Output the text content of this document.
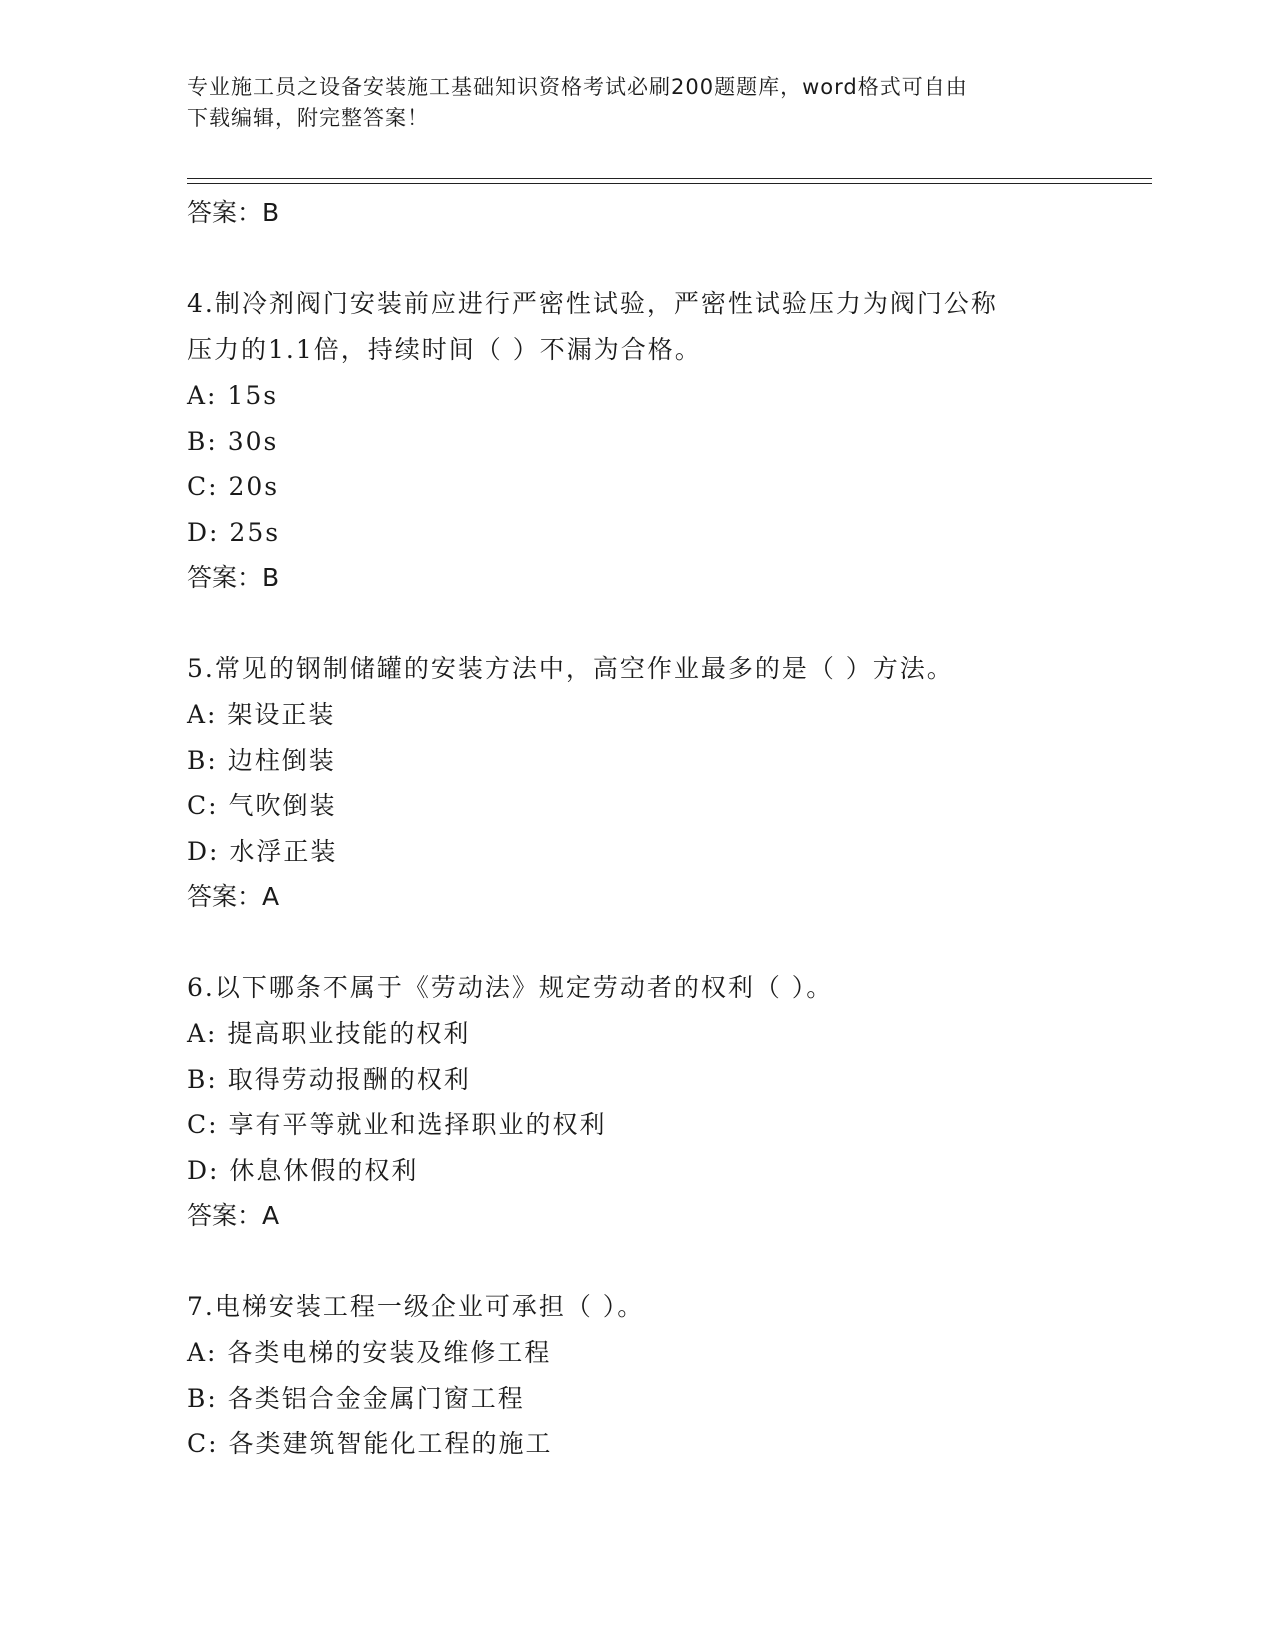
专业施工员之设备安装施工基础知识资格考试必刷200题题库，word格式可自由
下载编辑，附完整答案！
答案：B
4.制冷剂阀门安装前应进行严密性试验，严密性试验压力为阀门公称
压力的1.1倍，持续时间（ ）不漏为合格。
A: 15s
B: 30s
C: 20s
D: 25s
答案：B
5.常见的钢制储罐的安装方法中，高空作业最多的是（ ）方法。
A: 架设正装
B: 边柱倒装
C: 气吹倒装
D: 水浮正装
答案：A
6.以下哪条不属于《劳动法》规定劳动者的权利（ ）。
A: 提高职业技能的权利
B: 取得劳动报酬的权利
C: 享有平等就业和选择职业的权利
D: 休息休假的权利
答案：A
7.电梯安装工程一级企业可承担（ ）。
A: 各类电梯的安装及维修工程
B: 各类铝合金金属门窗工程
C: 各类建筑智能化工程的施工
